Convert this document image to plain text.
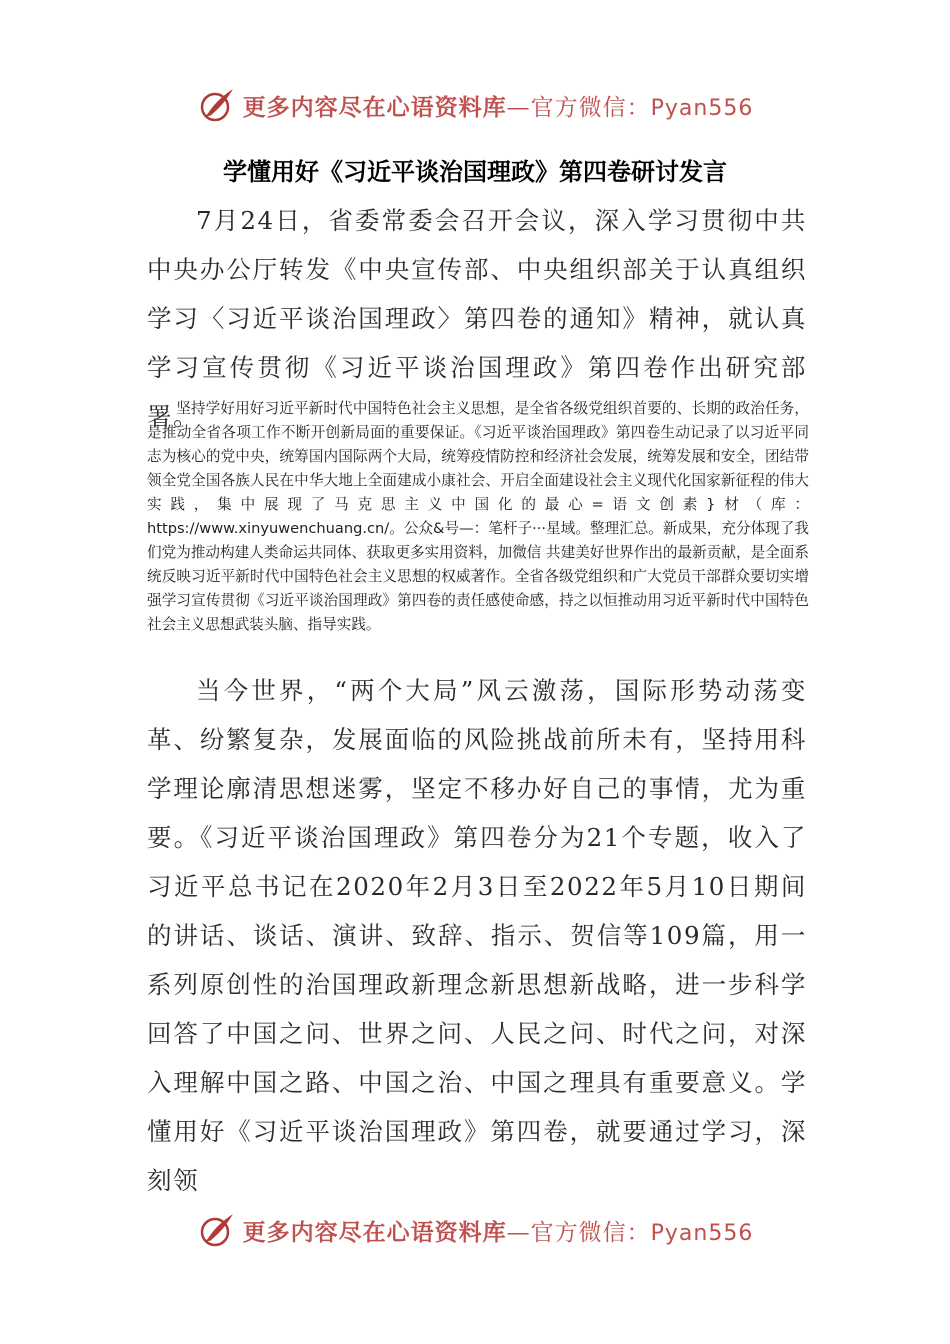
更多内容尽在心语资料库—官方微信：Pyan556
学懂用好《习近平谈治国理政》第四卷研讨发言

7月24日，省委常委会召开会议，深入学习贯彻中共中央办公厅转发《中央宣传部、中央组织部关于认真组织学习〈习近平谈治国理政〉第四卷的通知》精神，就认真学习宣传贯彻《习近平谈治国理政》第四卷作出研究部署。

坚持学好用好习近平新时代中国特色社会主义思想，是全省各级党组织首要的、长期的政治任务，是推动全省各项工作不断开创新局面的重要保证。《习近平谈治国理政》第四卷生动记录了以习近平同志为核心的党中央，统筹国内国际两个大局，统筹疫情防控和经济社会发展，统筹发展和安全，团结带领全党全国各族人民在中华大地上全面建成小康社会、开启全面建设社会主义现代化国家新征程的伟大实践，集中展现了马克思主义中国化的最心=语文创素}材（库：https://www.xinyuwenchuang.cn/。公众&号—：笔杆子···星域。整理汇总。新成果，充分体现了我们党为推动构建人类命运共同体、获取更多实用资料，加微信 共建美好世界作出的最新贡献，是全面系统反映习近平新时代中国特色社会主义思想的权威著作。全省各级党组织和广大党员干部群众要切实增强学习宣传贯彻《习近平谈治国理政》第四卷的责任感使命感，持之以恒推动用习近平新时代中国特色社会主义思想武装头脑、指导实践。

当今世界，“两个大局”风云激荡，国际形势动荡变革、纷繁复杂，发展面临的风险挑战前所未有，坚持用科学理论廓清思想迷雾，坚定不移办好自己的事情，尤为重要。《习近平谈治国理政》第四卷分为21个专题，收入了习近平总书记在2020年2月3日至2022年5月10日期间的讲话、谈话、演讲、致辞、指示、贺信等109篇，用一系列原创性的治国理政新理念新思想新战略，进一步科学回答了中国之问、世界之问、人民之问、时代之问，对深入理解中国之路、中国之治、中国之理具有重要意义。学懂用好《习近平谈治国理政》第四卷，就要通过学习，深刻领

更多内容尽在心语资料库—官方微信：Pyan556
